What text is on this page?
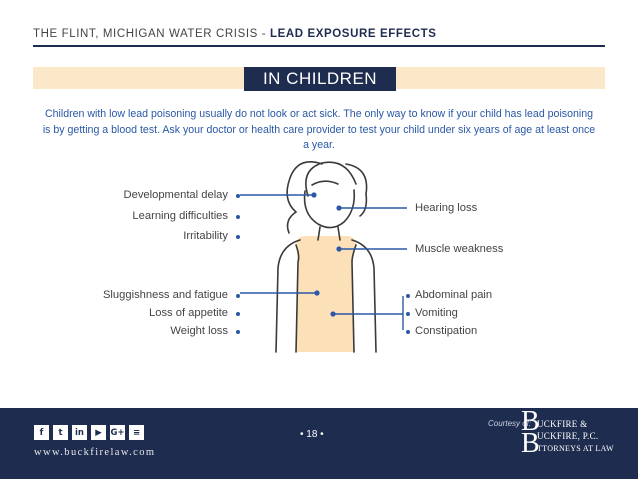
THE FLINT, MICHIGAN WATER CRISIS - LEAD EXPOSURE EFFECTS
IN CHILDREN
Children with low lead poisoning usually do not look or act sick. The only way to know if your child has lead poisoning is by getting a blood test. Ask your doctor or health care provider to test your child under six years of age at least once a year.
Developmental delay
Learning difficulties
Irritability
Sluggishness and fatigue
Loss of appetite
Weight loss
Hearing loss
Muscle weakness
Abdominal pain
Vomiting
Constipation
f	t	in	▶	G+ ≡
www.buckfirelaw.com
• 18 •
Courtesy of:
B
B
UCKFIRE &
UCKFIRE, P.C.
TTORNEYS AT LAW
